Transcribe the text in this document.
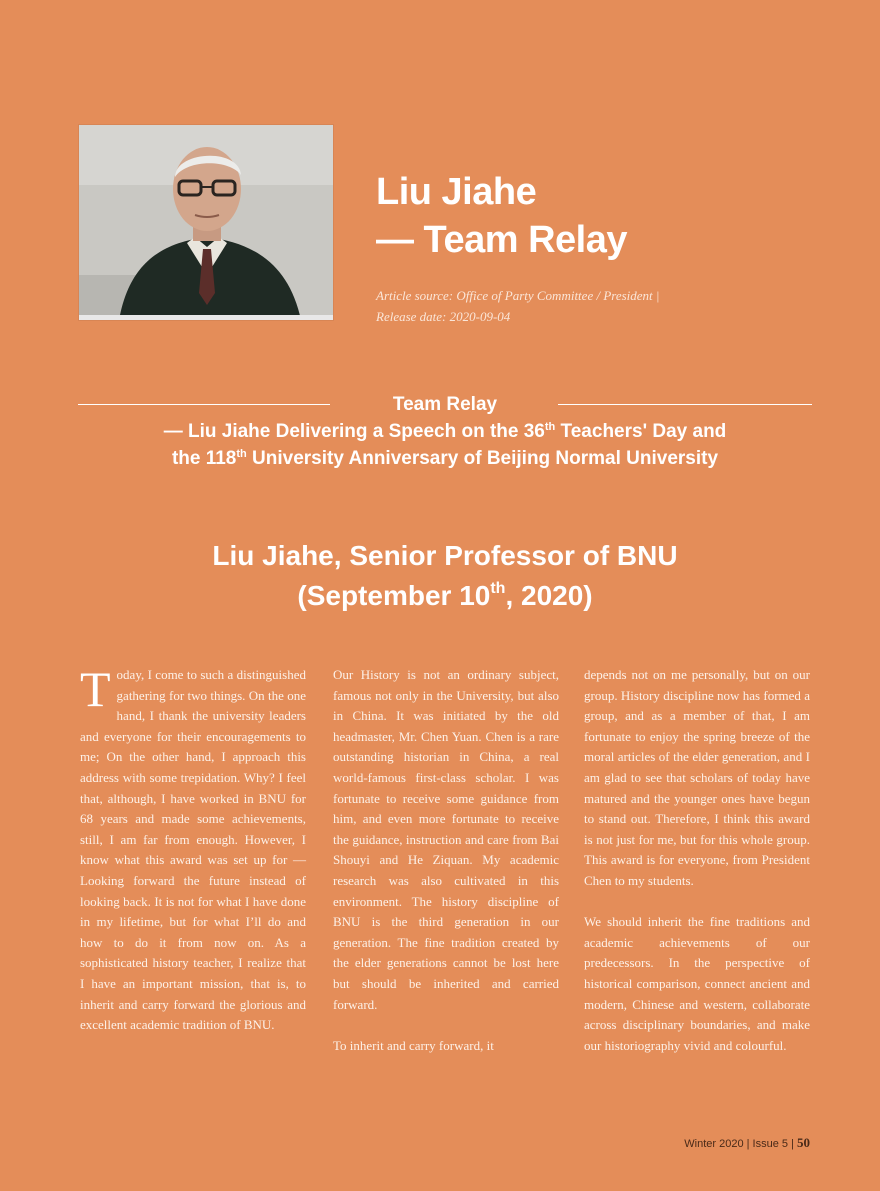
Liu Jiahe
— Team Relay
Article source: Office of Party Committee / President |
Release date: 2020-09-04
Team Relay
— Liu Jiahe Delivering a Speech on the 36th Teachers' Day and
the 118th University Anniversary of Beijing Normal University
Liu Jiahe, Senior Professor of BNU
(September 10th, 2020)

Today, I come to such a distinguished gathering for two things. On the one hand, I thank the university leaders and everyone for their encouragements to me; On the other hand, I approach this address with some trepidation. Why? I feel that, although, I have worked in BNU for 68 years and made some achievements, still, I am far from enough. However, I know what this award was set up for — Looking forward the future instead of looking back. It is not for what I have done in my lifetime, but for what I’ll do and how to do it from now on. As a sophisticated history teacher, I realize that I have an important mission, that is, to inherit and carry forward the glorious and excellent academic tradition of BNU.

Our History is not an ordinary subject, famous not only in the University, but also in China. It was initiated by the old headmaster, Mr. Chen Yuan. Chen is a rare outstanding historian in China, a real world-famous first-class scholar. I was fortunate to receive some guidance from him, and even more fortunate to receive the guidance, instruction and care from Bai Shouyi and He Ziquan. My academic research was also cultivated in this environment. The history discipline of BNU is the third generation in our generation. The fine tradition created by the elder generations cannot be lost here but should be inherited and carried forward.

To inherit and carry forward, it

depends not on me personally, but on our group. History discipline now has formed a group, and as a member of that, I am fortunate to enjoy the spring breeze of the moral articles of the elder generation, and I am glad to see that scholars of today have matured and the younger ones have begun to stand out. Therefore, I think this award is not just for me, but for this whole group. This award is for everyone, from President Chen to my students.

We should inherit the fine traditions and academic achievements of our predecessors. In the perspective of historical comparison, connect ancient and modern, Chinese and western, collaborate across disciplinary boundaries, and make our historiography vivid and colourful.

Winter 2020 | Issue 5 | 50
